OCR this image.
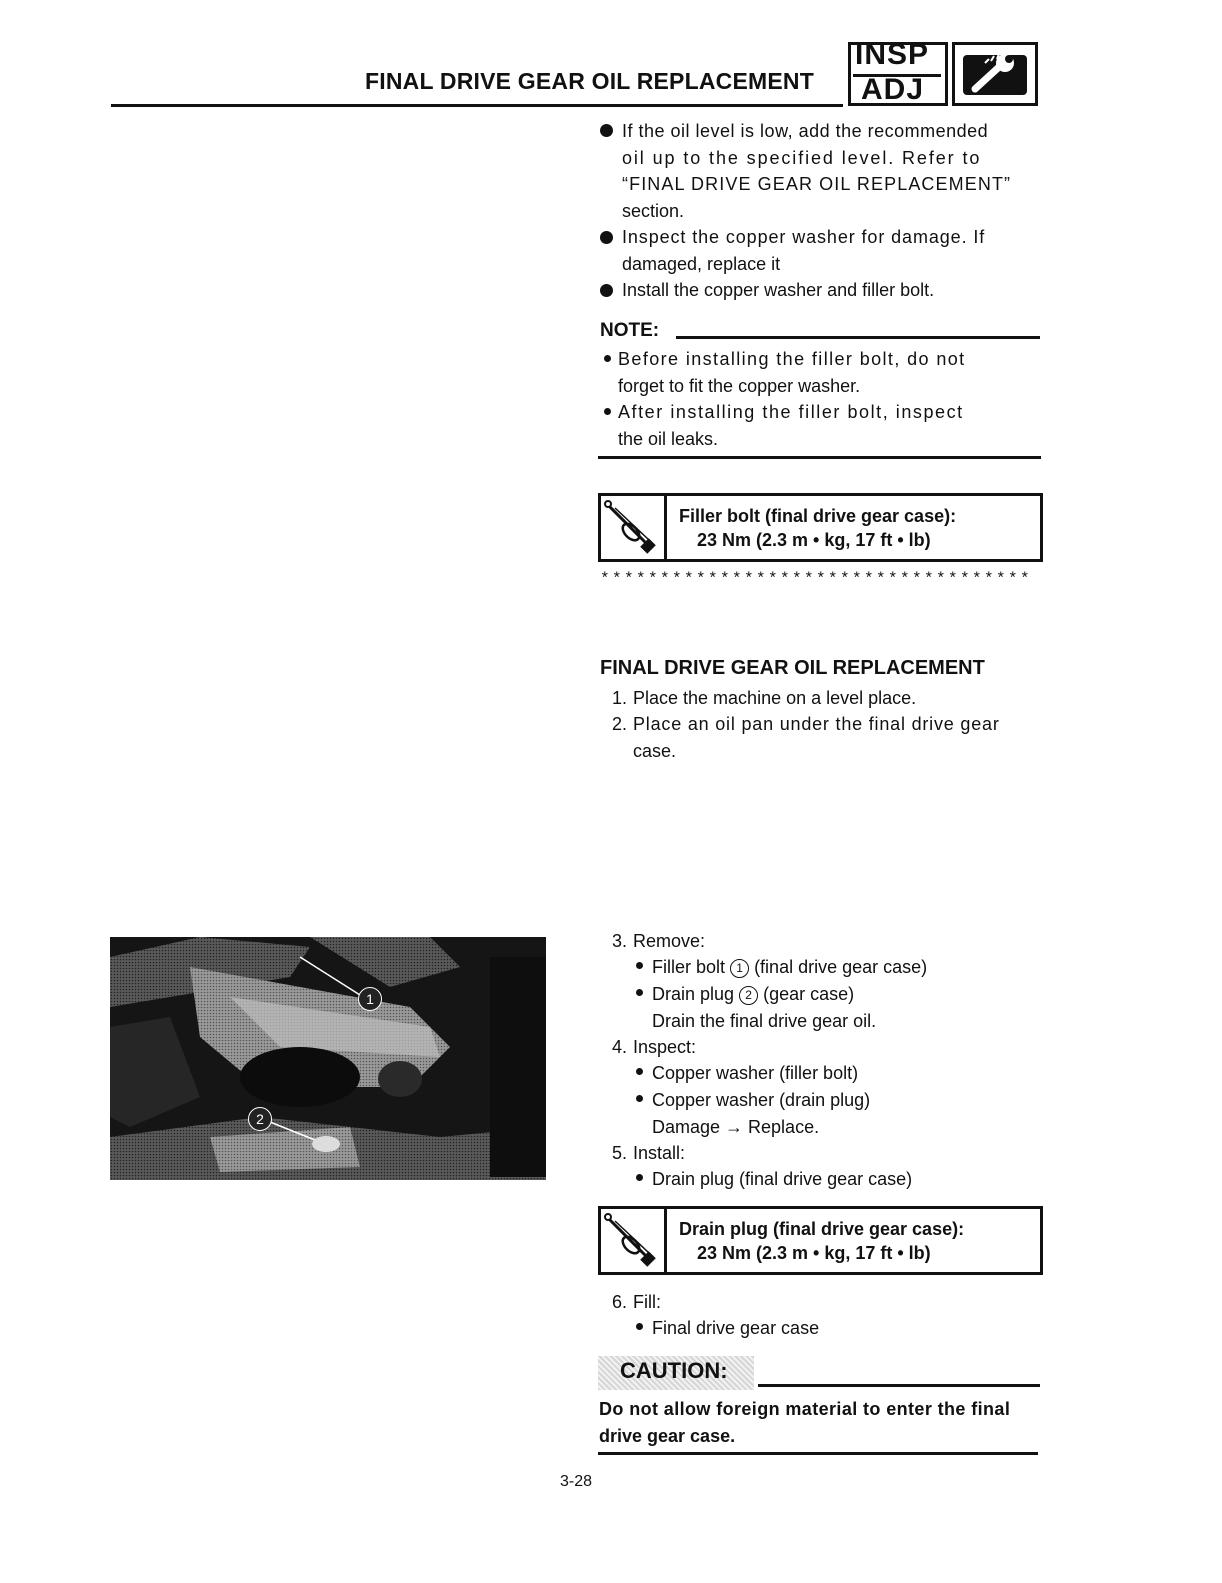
FINAL DRIVE GEAR OIL REPLACEMENT
INSP
ADJ
If the oil level is low, add the recommended
oil up to the specified level. Refer to
“FINAL DRIVE GEAR OIL REPLACEMENT”
section.
Inspect the copper washer for damage. If
damaged, replace it
Install the copper washer and filler bolt.
NOTE:
Before installing the filler bolt, do not
forget to fit the copper washer.
After installing the filler bolt, inspect
the oil leaks.
Filler bolt (final drive gear case):
23 Nm (2.3 m • kg, 17 ft • lb)
************************************
FINAL DRIVE GEAR OIL REPLACEMENT
1. Place the machine on a level place.
2. Place an oil pan under the final drive gear
case.
1
2
3. Remove:
Filler bolt 1 (final drive gear case)
Drain plug 2 (gear case)
Drain the final drive gear oil.
4. Inspect:
Copper washer (filler bolt)
Copper washer (drain plug)
Damage → Replace.
5. Install:
Drain plug (final drive gear case)
Drain plug (final drive gear case):
23 Nm (2.3 m • kg, 17 ft • lb)
6. Fill:
Final drive gear case
CAUTION:
Do not allow foreign material to enter the final
drive gear case.
3-28
